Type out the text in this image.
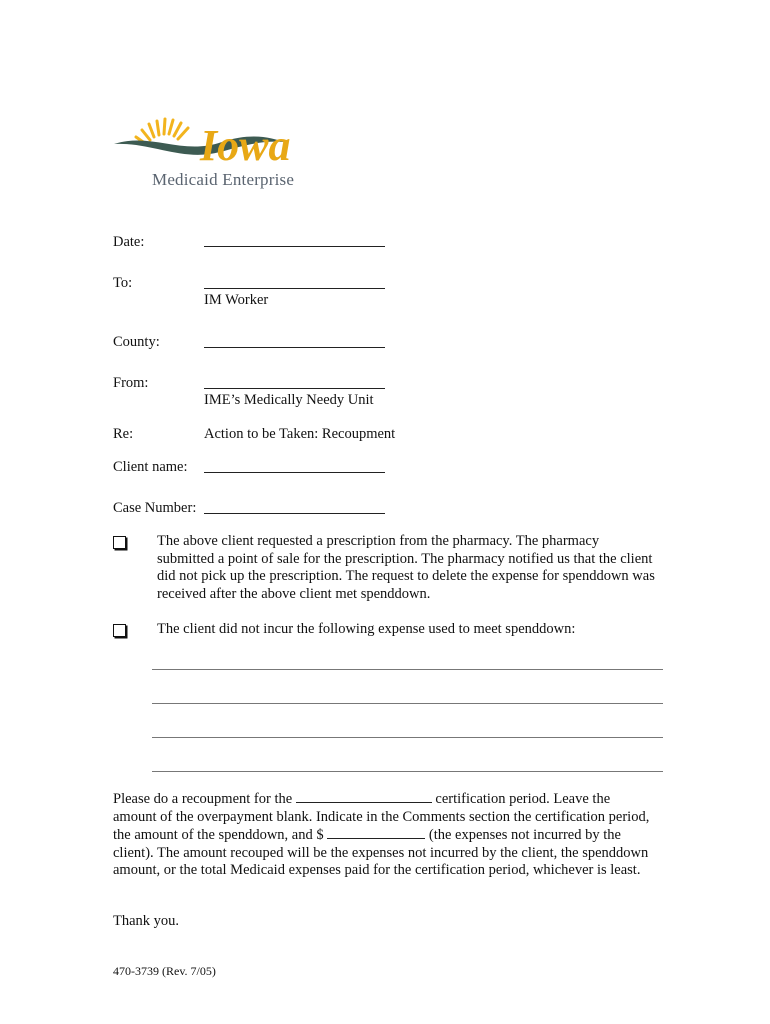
Iowa
Medicaid Enterprise
Date:
To:
IM Worker
County:
From:
IME’s Medically Needy Unit
Re:	Action to be Taken: Recoupment
Client name:
Case Number:
The above client requested a prescription from the pharmacy. The pharmacy submitted a point of sale for the prescription. The pharmacy notified us that the client did not pick up the prescription. The request to delete the expense for spenddown was received after the above client met spenddown.
The client did not incur the following expense used to meet spenddown:
Please do a recoupment for the	certification period. Leave the amount of the overpayment blank. Indicate in the Comments section the certification period, the amount of the spenddown, and $	(the expenses not incurred by the client). The amount recouped will be the expenses not incurred by the client, the spenddown amount, or the total Medicaid expenses paid for the certification period, whichever is least.
Thank you.
470-3739 (Rev. 7/05)
